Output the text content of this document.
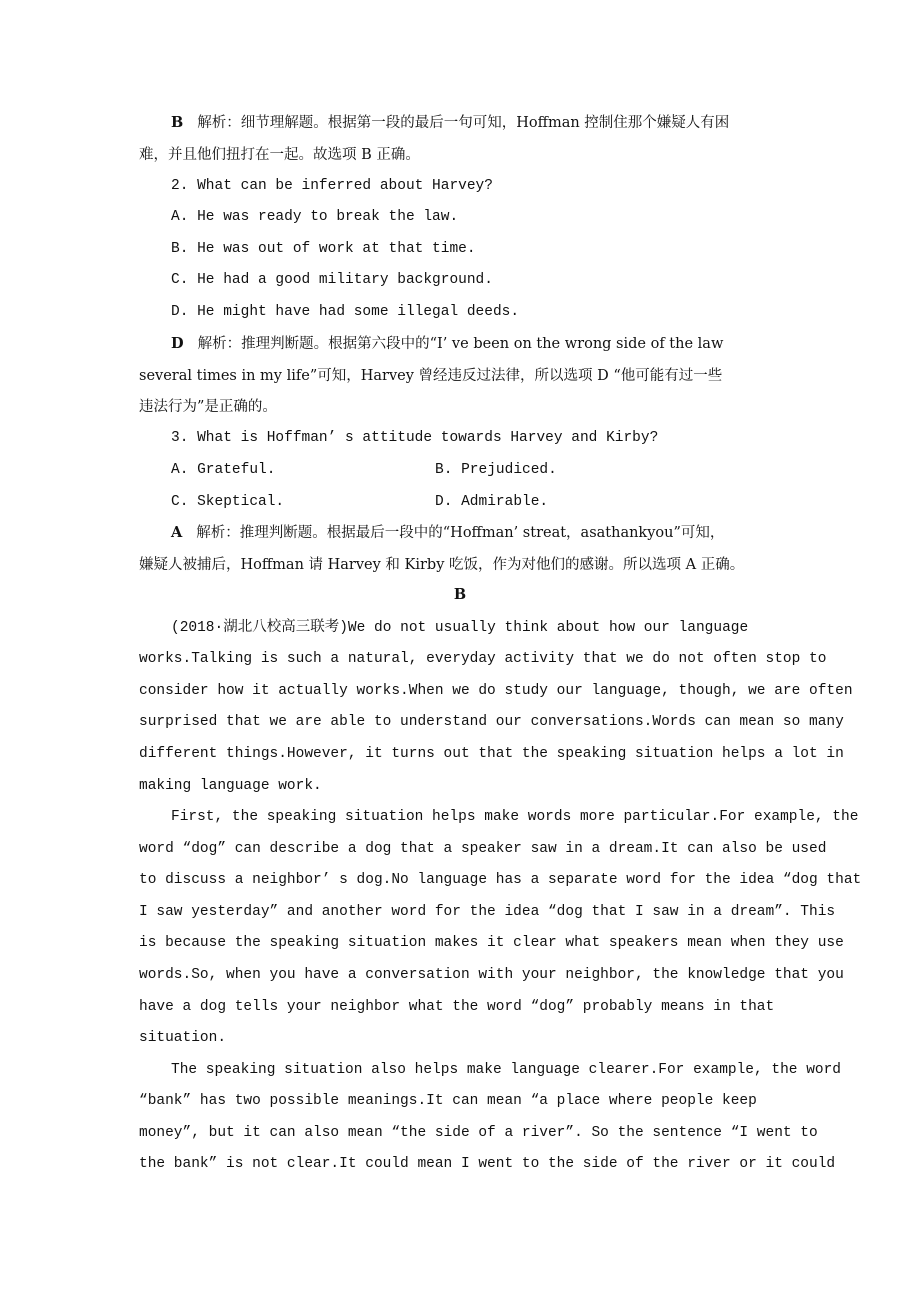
B 解析：细节理解题。根据第一段的最后一句可知，Hoffman 控制住那个嫌疑人有困
难，并且他们扭打在一起。故选项 B 正确。
2. What can be inferred about Harvey?
A. He was ready to break the law.
B. He was out of work at that time.
C. He had a good military background.
D. He might have had some illegal deeds.
D 解析：推理判断题。根据第六段中的“I’ ve been on the wrong side of the law
several times in my life”可知，Harvey 曾经违反过法律，所以选项 D “他可能有过一些
违法行为”是正确的。
3. What is Hoffman’ s attitude towards Harvey and Kirby?
A. Grateful.	B. Prejudiced.
C. Skeptical.	D. Admirable.
A 解析：推理判断题。根据最后一段中的“Hoffman’ streat，asathankyou”可知，
嫌疑人被捕后，Hoffman 请 Harvey 和 Kirby 吃饭，作为对他们的感谢。所以选项 A 正确。
B
(2018·湖北八校高三联考)We do not usually think about how our language
works.Talking is such a natural, everyday activity that we do not often stop to
consider how it actually works.When we do study our language, though, we are often
surprised that we are able to understand our conversations.Words can mean so many
different things.However, it turns out that the speaking situation helps a lot in
making language work.
First, the speaking situation helps make words more particular.For example, the
word “dog” can describe a dog that a speaker saw in a dream.It can also be used
to discuss a neighbor’ s dog.No language has a separate word for the idea “dog that
I saw yesterday” and another word for the idea “dog that I saw in a dream”. This
is because the speaking situation makes it clear what speakers mean when they use
words.So, when you have a conversation with your neighbor, the knowledge that you
have a dog tells your neighbor what the word “dog” probably means in that
situation.
The speaking situation also helps make language clearer.For example, the word
“bank” has two possible meanings.It can mean “a place where people keep
money”, but it can also mean “the side of a river”. So the sentence “I went to
the bank” is not clear.It could mean I went to the side of the river or it could
